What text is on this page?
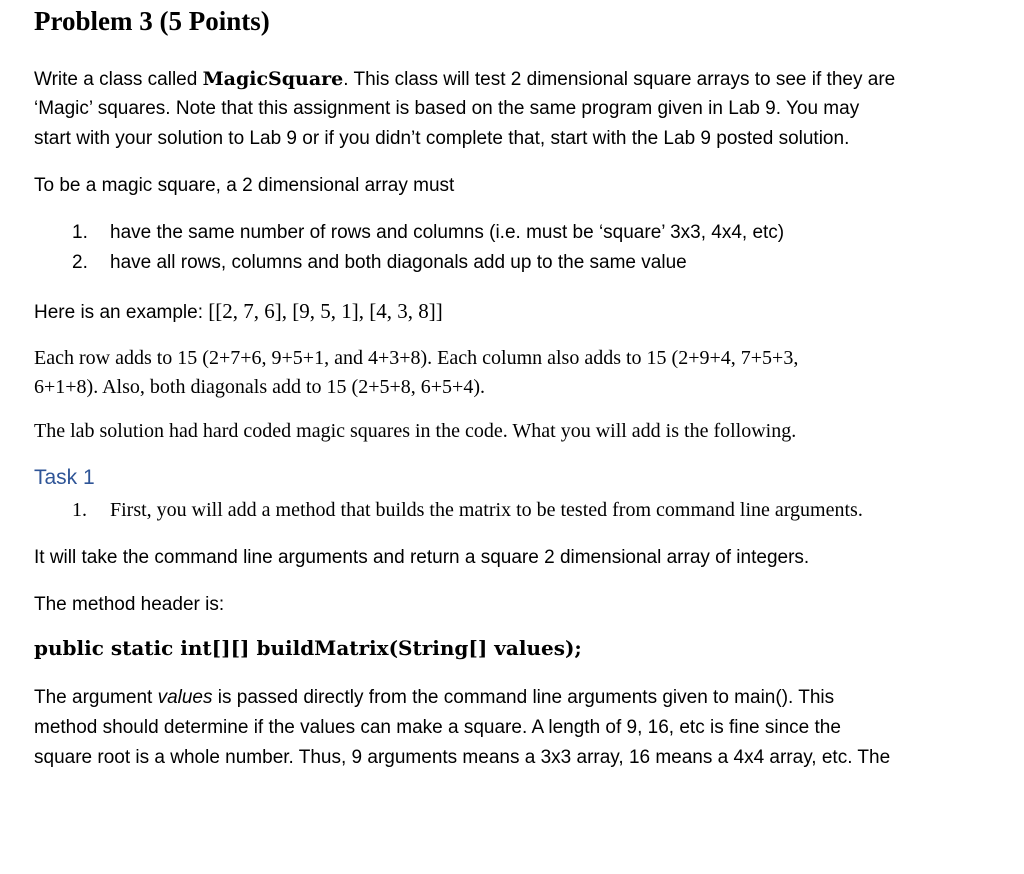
Problem 3 (5 Points)
Write a class called MagicSquare. This class will test 2 dimensional square arrays to see if they are
‘Magic’ squares. Note that this assignment is based on the same program given in Lab 9. You may
start with your solution to Lab 9 or if you didn’t complete that, start with the Lab 9 posted solution.
To be a magic square, a 2 dimensional array must
1. have the same number of rows and columns (i.e. must be ‘square’ 3x3, 4x4, etc)
2. have all rows, columns and both diagonals add up to the same value
Here is an example: [[2, 7, 6], [9, 5, 1], [4, 3, 8]]
Each row adds to 15 (2+7+6, 9+5+1, and 4+3+8). Each column also adds to 15 (2+9+4, 7+5+3,
6+1+8). Also, both diagonals add to 15 (2+5+8, 6+5+4).
The lab solution had hard coded magic squares in the code. What you will add is the following.
Task 1
1. First, you will add a method that builds the matrix to be tested from command line arguments.
It will take the command line arguments and return a square 2 dimensional array of integers.
The method header is:
public static int[][] buildMatrix(String[] values);
The argument values is passed directly from the command line arguments given to main(). This
method should determine if the values can make a square. A length of 9, 16, etc is fine since the
square root is a whole number. Thus, 9 arguments means a 3x3 array, 16 means a 4x4 array, etc. The
